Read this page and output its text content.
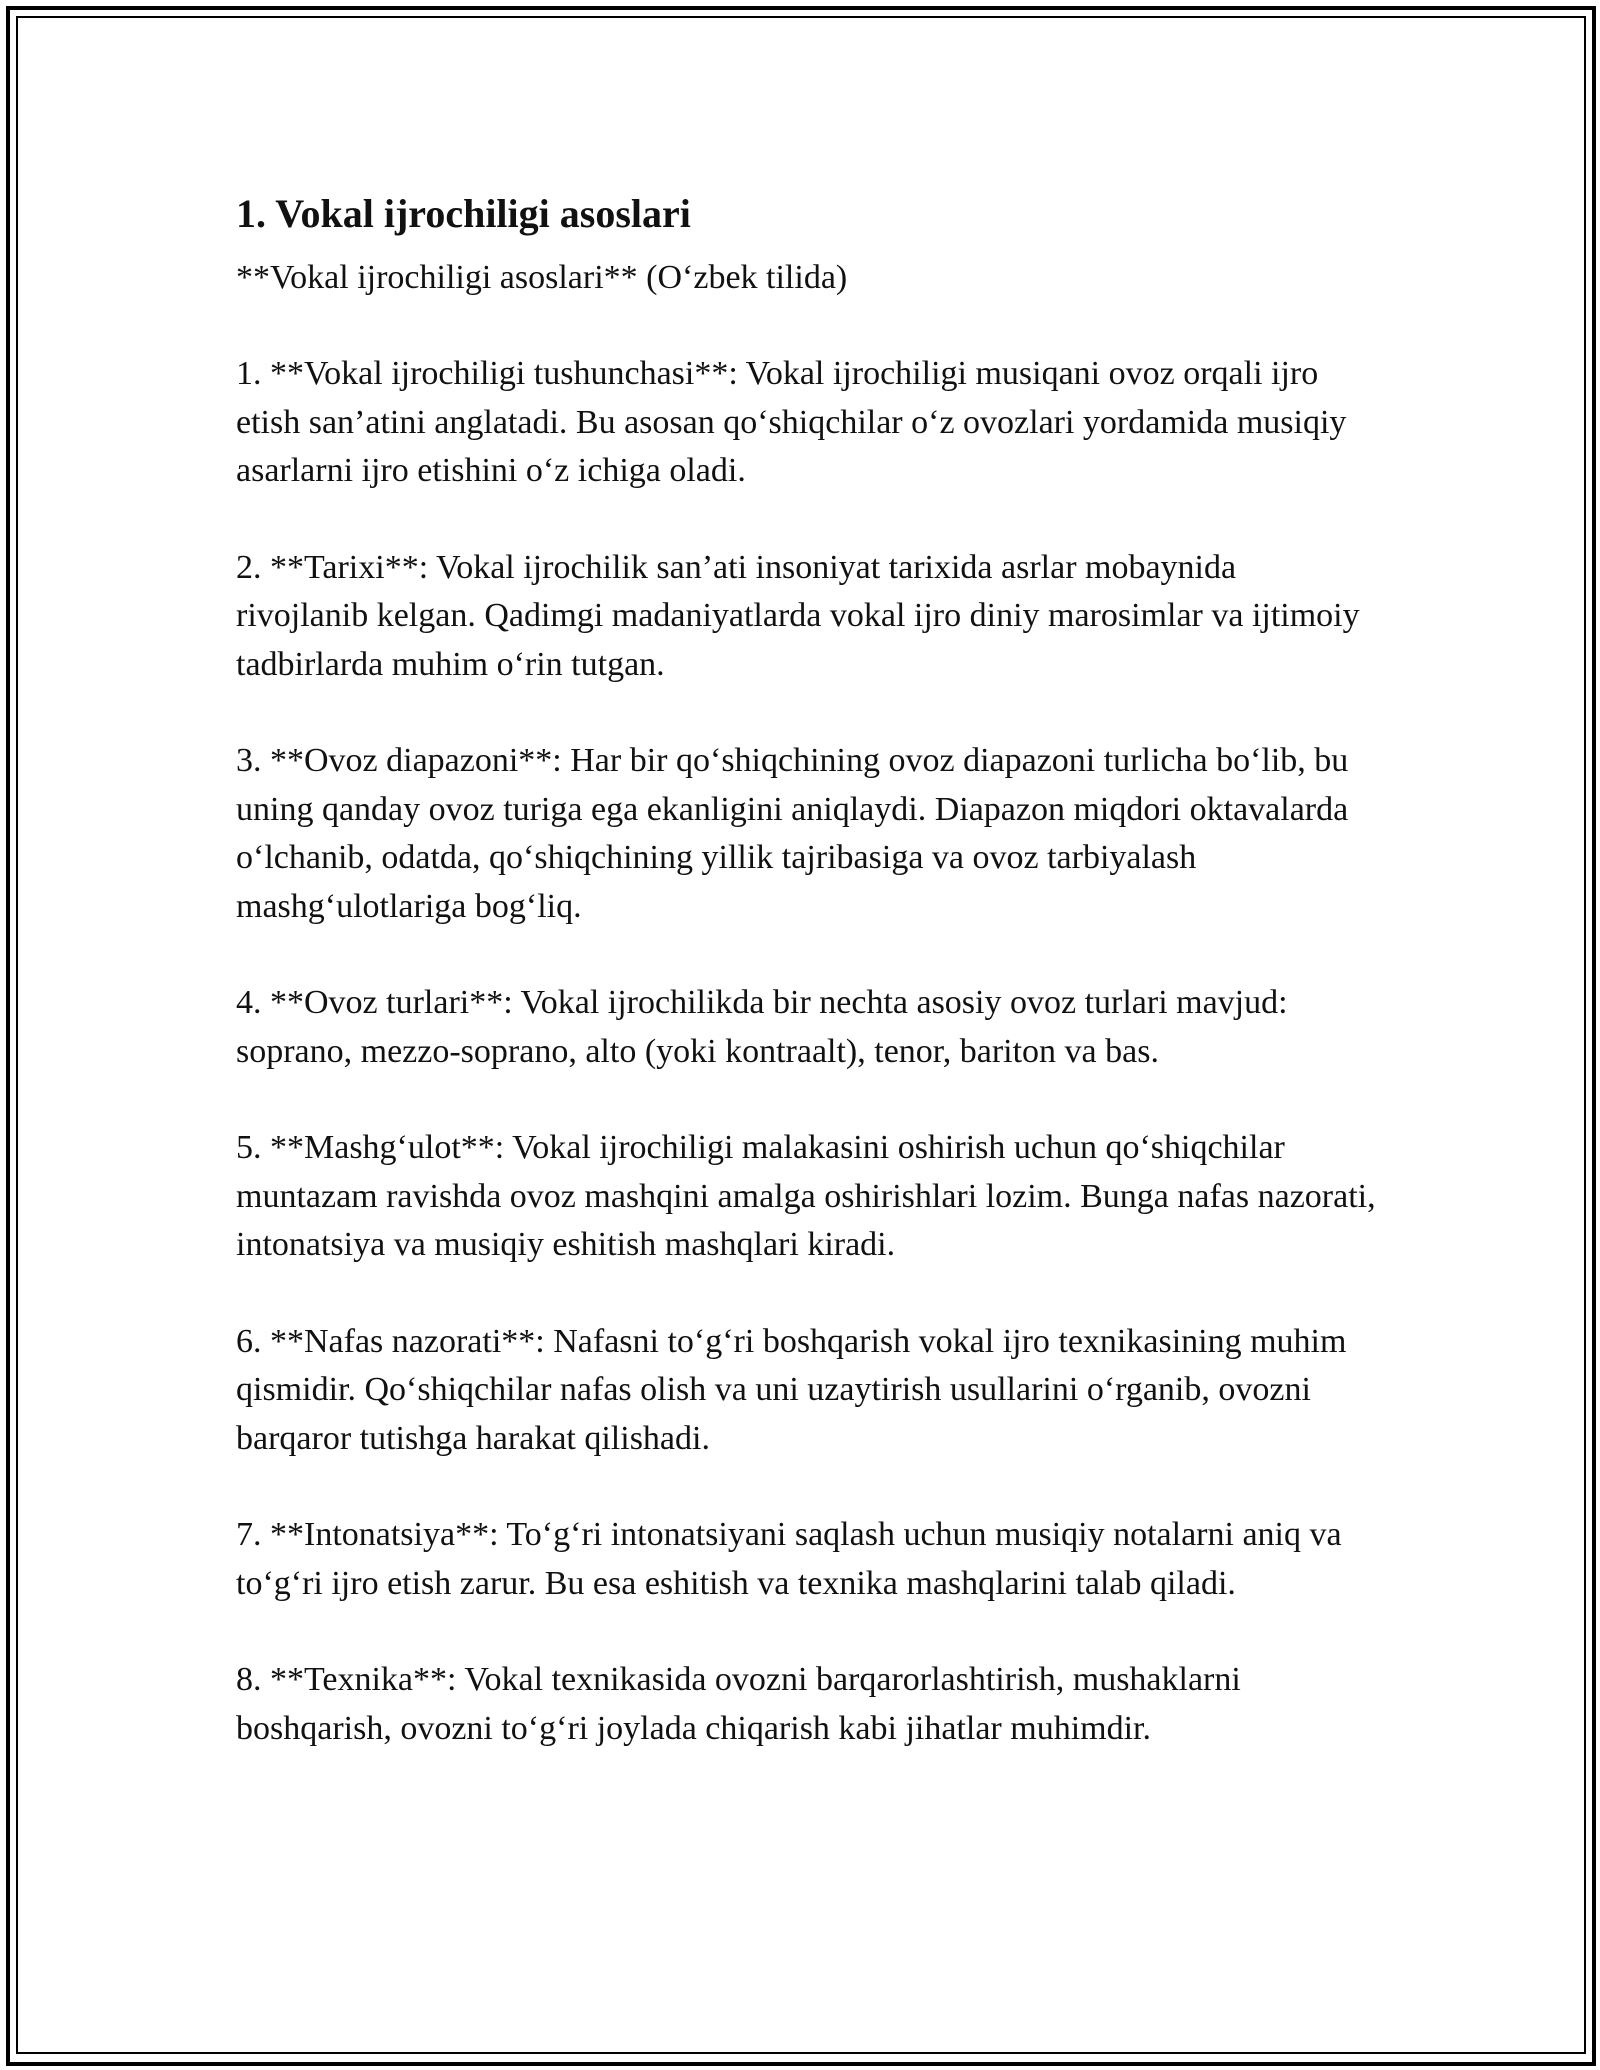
1. Vokal ijrochiligi asoslari

**Vokal ijrochiligi asoslari** (O‘zbek tilida)

1. **Vokal ijrochiligi tushunchasi**: Vokal ijrochiligi musiqani ovoz orqali ijro etish san’atini anglatadi. Bu asosan qo‘shiqchilar o‘z ovozlari yordamida musiqiy asarlarni ijro etishini o‘z ichiga oladi.

2. **Tarixi**: Vokal ijrochilik san’ati insoniyat tarixida asrlar mobaynida rivojlanib kelgan. Qadimgi madaniyatlarda vokal ijro diniy marosimlar va ijtimoiy tadbirlarda muhim o‘rin tutgan.

3. **Ovoz diapazoni**: Har bir qo‘shiqchining ovoz diapazoni turlicha bo‘lib, bu uning qanday ovoz turiga ega ekanligini aniqlaydi. Diapazon miqdori oktavalarda o‘lchanib, odatda, qo‘shiqchining yillik tajribasiga va ovoz tarbiyalash mashg‘ulotlariga bog‘liq.

4. **Ovoz turlari**: Vokal ijrochilikda bir nechta asosiy ovoz turlari mavjud: soprano, mezzo-soprano, alto (yoki kontraalt), tenor, bariton va bas.

5. **Mashg‘ulot**: Vokal ijrochiligi malakasini oshirish uchun qo‘shiqchilar muntazam ravishda ovoz mashqini amalga oshirishlari lozim. Bunga nafas nazorati, intonatsiya va musiqiy eshitish mashqlari kiradi.

6. **Nafas nazorati**: Nafasni to‘g‘ri boshqarish vokal ijro texnikasining muhim qismidir. Qo‘shiqchilar nafas olish va uni uzaytirish usullarini o‘rganib, ovozni barqaror tutishga harakat qilishadi.

7. **Intonatsiya**: To‘g‘ri intonatsiyani saqlash uchun musiqiy notalarni aniq va to‘g‘ri ijro etish zarur. Bu esa eshitish va texnika mashqlarini talab qiladi.

8. **Texnika**: Vokal texnikasida ovozni barqarorlashtirish, mushaklarni boshqarish, ovozni to‘g‘ri joylada chiqarish kabi jihatlar muhimdir.
